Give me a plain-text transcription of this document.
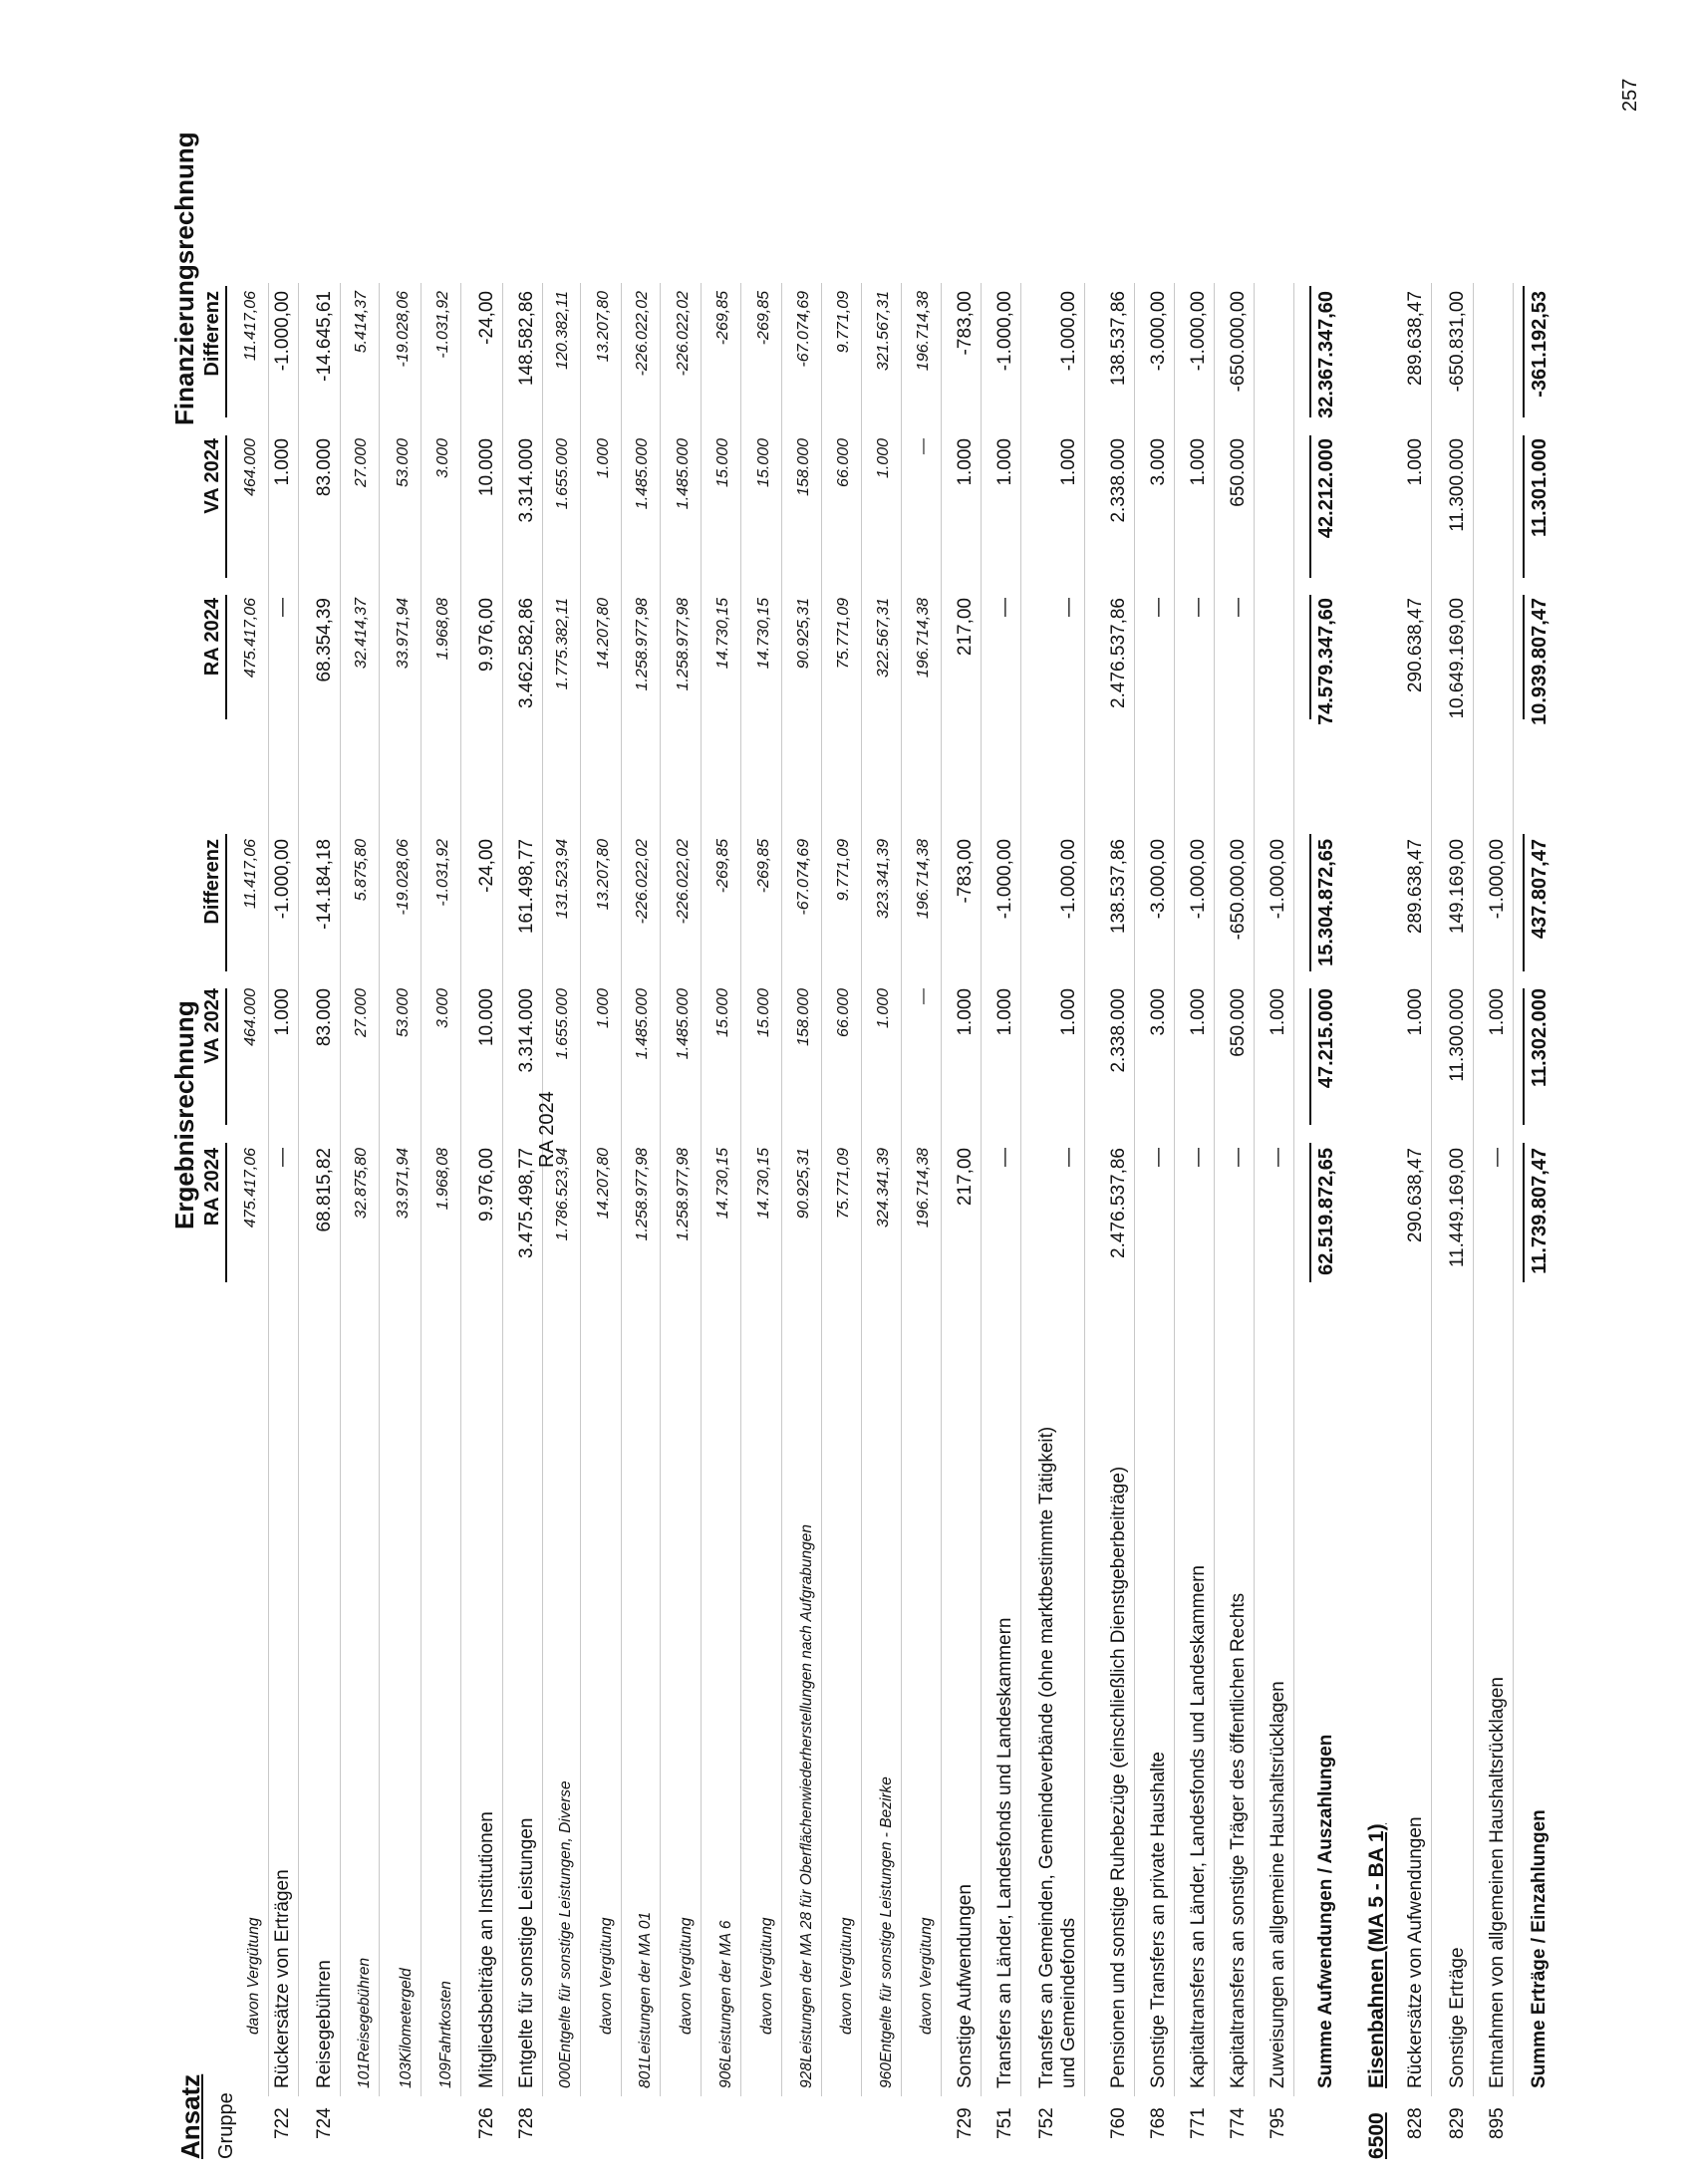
Ansatz Gruppe
Ergebnisrechnung
Finanzierungsrechnung
RA 2024
VA 2024
Differenz
RA 2024
VA 2024
Differenz
davon Vergütung
475.417,06
464.000
11.417,06
475.417,06
464.000
11.417,06
722
Rückersätze von Erträgen
—
1.000
-1.000,00
—
1.000
-1.000,00
724
Reisegebühren
68.815,82
83.000
-14.184,18
68.354,39
83.000
-14.645,61
101
Reisegebühren
32.875,80
27.000
5.875,80
32.414,37
27.000
5.414,37
103
Kilometergeld
33.971,94
53.000
-19.028,06
33.971,94
53.000
-19.028,06
109
Fahrtkosten
1.968,08
3.000
-1.031,92
1.968,08
3.000
-1.031,92
726
Mitgliedsbeiträge an Institutionen
9.976,00
10.000
-24,00
9.976,00
10.000
-24,00
728
Entgelte für sonstige Leistungen
3.475.498,77
3.314.000
161.498,77
3.462.582,86
3.314.000
148.582,86
000
Entgelte für sonstige Leistungen, Diverse
1.786.523,94
1.655.000
131.523,94
1.775.382,11
1.655.000
120.382,11
davon Vergütung
14.207,80
1.000
13.207,80
14.207,80
1.000
13.207,80
801
Leistungen der MA 01
1.258.977,98
1.485.000
-226.022,02
1.258.977,98
1.485.000
-226.022,02
davon Vergütung
1.258.977,98
1.485.000
-226.022,02
1.258.977,98
1.485.000
-226.022,02
906
Leistungen der MA 6
14.730,15
15.000
-269,85
14.730,15
15.000
-269,85
davon Vergütung
14.730,15
15.000
-269,85
14.730,15
15.000
-269,85
928
Leistungen der MA 28 für Oberflächenwiederherstellungen nach Aufgrabungen
90.925,31
158.000
-67.074,69
90.925,31
158.000
-67.074,69
davon Vergütung
75.771,09
66.000
9.771,09
75.771,09
66.000
9.771,09
960
Entgelte für sonstige Leistungen - Bezirke
324.341,39
1.000
323.341,39
322.567,31
1.000
321.567,31
davon Vergütung
196.714,38
—
196.714,38
196.714,38
—
196.714,38
729
Sonstige Aufwendungen
217,00
1.000
-783,00
217,00
1.000
-783,00
751
Transfers an Länder, Landesfonds und Landeskammern
—
1.000
-1.000,00
—
1.000
-1.000,00
752
Transfers an Gemeinden, Gemeindeverbände (ohne marktbestimmte Tätigkeit) und Gemeindefonds
—
1.000
-1.000,00
—
1.000
-1.000,00
760
Pensionen und sonstige Ruhebezüge (einschließlich Dienstgeberbeiträge)
2.476.537,86
2.338.000
138.537,86
2.476.537,86
2.338.000
138.537,86
768
Sonstige Transfers an private Haushalte
—
3.000
-3.000,00
—
3.000
-3.000,00
771
Kapitaltransfers an Länder, Landesfonds und Landeskammern
—
1.000
-1.000,00
—
1.000
-1.000,00
774
Kapitaltransfers an sonstige Träger des öffentlichen Rechts
—
650.000
-650.000,00
—
650.000
-650.000,00
795
Zuweisungen an allgemeine Haushaltsrücklagen
—
1.000
-1.000,00
Summe Aufwendungen / Auszahlungen
62.519.872,65
47.215.000
15.304.872,65
74.579.347,60
42.212.000
32.367.347,60
6500
Eisenbahnen (MA 5 - BA 1)
828
Rückersätze von Aufwendungen
290.638,47
1.000
289.638,47
290.638,47
1.000
289.638,47
829
Sonstige Erträge
11.449.169,00
11.300.000
149.169,00
10.649.169,00
11.300.000
-650.831,00
895
Entnahmen von allgemeinen Haushaltsrücklagen
—
1.000
-1.000,00
Summe Erträge / Einzahlungen
11.739.807,47
11.302.000
437.807,47
10.939.807,47
11.301.000
-361.192,53
RA 2024
257
